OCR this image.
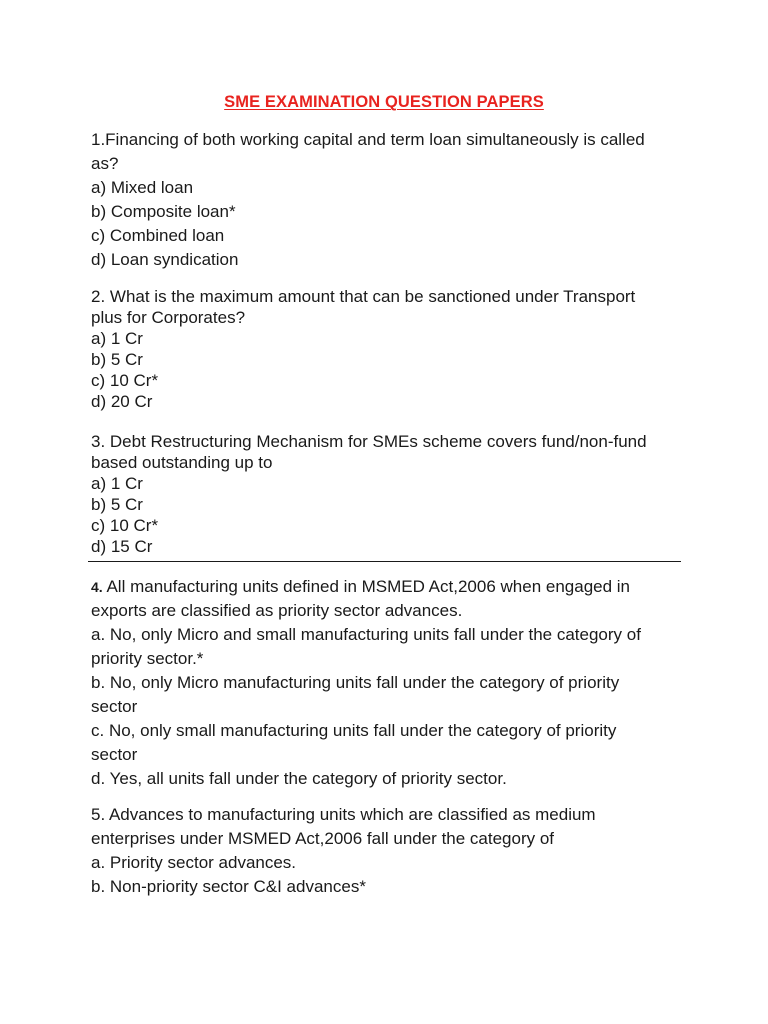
SME EXAMINATION QUESTION PAPERS
1.Financing of both working capital and term loan simultaneously is called
as?
a) Mixed loan
b) Composite loan*
c) Combined loan
d) Loan syndication
2. What is the maximum amount that can be sanctioned under Transport
plus for Corporates?
a) 1 Cr
b) 5 Cr
c) 10 Cr*
d) 20 Cr
3. Debt Restructuring Mechanism for SMEs scheme covers fund/non-fund
based outstanding up to
a) 1 Cr
b) 5 Cr
c) 10 Cr*
d) 15 Cr
4. All manufacturing units defined in MSMED Act,2006 when engaged in
exports are classified as priority sector advances.
a. No, only Micro and small manufacturing units fall under the category of
priority sector.*
b. No, only Micro manufacturing units fall under the category of priority
sector
c. No, only small manufacturing units fall under the category of priority
sector
d. Yes, all units fall under the category of priority sector.
5. Advances to manufacturing units which are classified as medium
enterprises under MSMED Act,2006 fall under the category of
a. Priority sector advances.
b. Non-priority sector C&I advances*
